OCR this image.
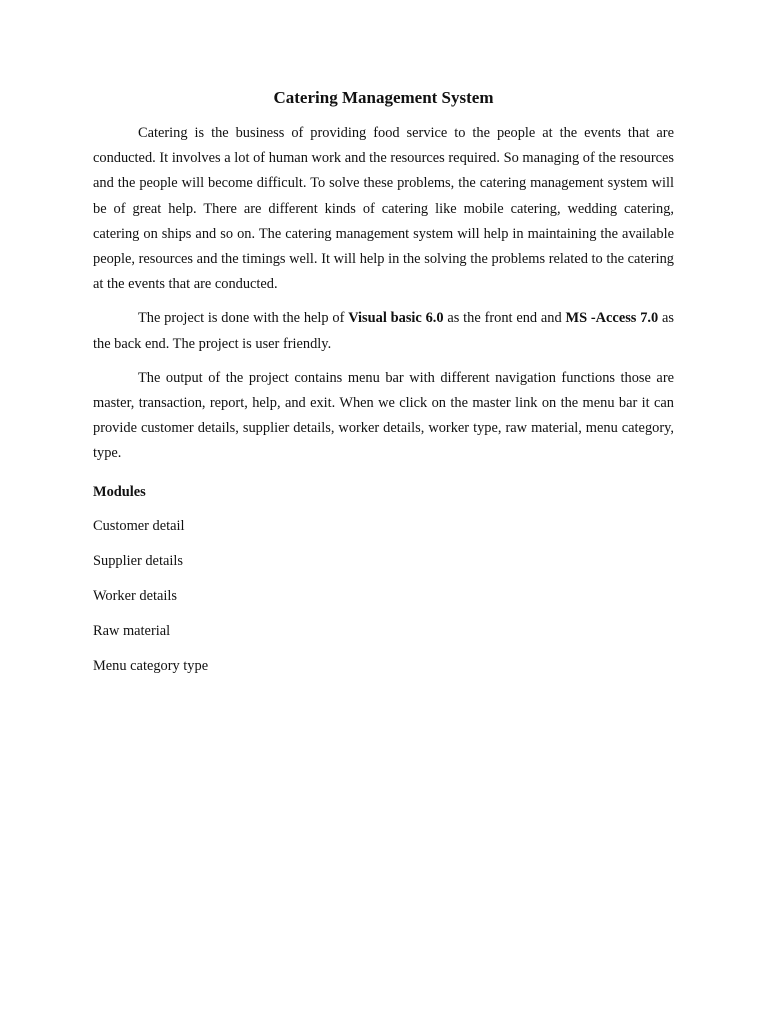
Catering Management System

Catering is the business of providing food service to the people at the events that are conducted. It involves a lot of human work and the resources required. So managing of the resources and the people will become difficult. To solve these problems, the catering management system will be of great help. There are different kinds of catering like mobile catering, wedding catering, catering on ships and so on. The catering management system will help in maintaining the available people, resources and the timings well. It will help in the solving the problems related to the catering at the events that are conducted.

The project is done with the help of Visual basic 6.0 as the front end and MS -Access 7.0 as the back end. The project is user friendly.

The output of the project contains menu bar with different navigation functions those are master, transaction, report, help, and exit. When we click on the master link on the menu bar it can provide customer details, supplier details, worker details, worker type, raw material, menu category, type.

Modules
Customer detail
Supplier details
Worker details
Raw material
Menu category type
